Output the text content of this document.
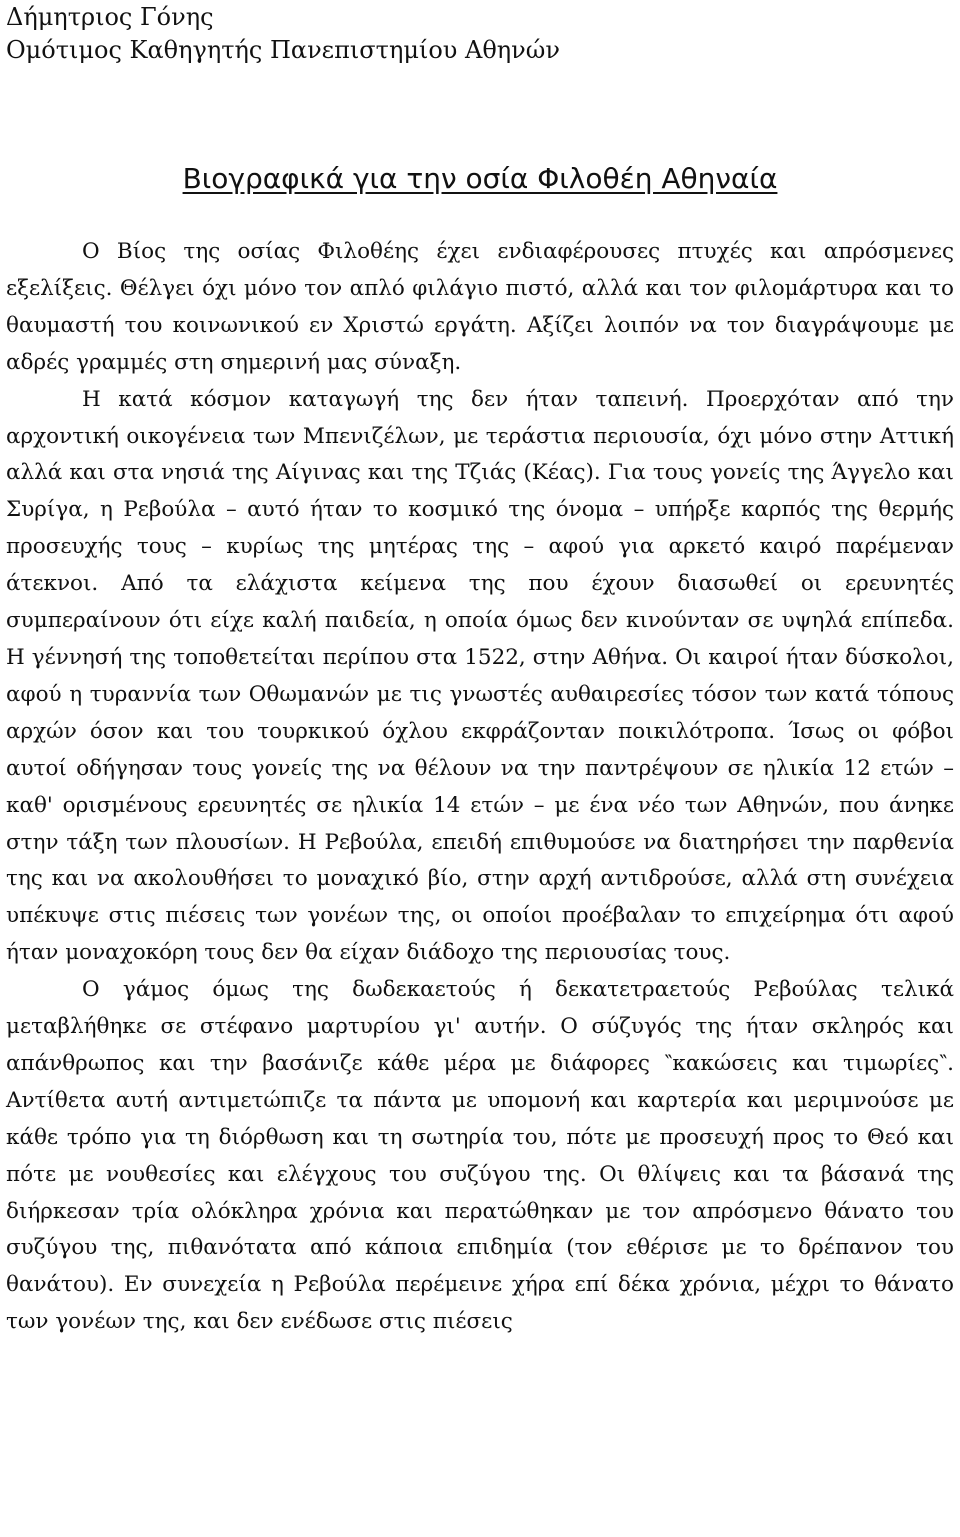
Δήμητριος Γόνης
Ομότιμος Καθηγητής Πανεπιστημίου Αθηνών
Βιογραφικά για την οσία Φιλοθέη Αθηναία

Ο Βίος της οσίας Φιλοθέης έχει ενδιαφέρουσες πτυχές και απρόσμενες εξελίξεις. Θέλγει όχι μόνο τον απλό φιλάγιο πιστό, αλλά και τον φιλομάρτυρα και το θαυμαστή του κοινωνικού εν Χριστώ εργάτη. Αξίζει λοιπόν να τον διαγράψουμε με αδρές γραμμές στη σημερινή μας σύναξη.

Η κατά κόσμον καταγωγή της δεν ήταν ταπεινή. Προερχόταν από την αρχοντική οικογένεια των Μπενιζέλων, με τεράστια περιουσία, όχι μόνο στην Αττική αλλά και στα νησιά της Αίγινας και της Τζιάς (Κέας). Για τους γονείς της Άγγελο και Συρίγα, η Ρεβούλα – αυτό ήταν το κοσμικό της όνομα – υπήρξε καρπός της θερμής προσευχής τους – κυρίως της μητέρας της – αφού για αρκετό καιρό παρέμεναν άτεκνοι. Από τα ελάχιστα κείμενα της που έχουν διασωθεί οι ερευνητές συμπεραίνουν ότι είχε καλή παιδεία, η οποία όμως δεν κινούνταν σε υψηλά επίπεδα. Η γέννησή της τοποθετείται περίπου στα 1522, στην Αθήνα. Οι καιροί ήταν δύσκολοι, αφού η τυραννία των Οθωμανών με τις γνωστές αυθαιρεσίες τόσον των κατά τόπους αρχών όσον και του τουρκικού όχλου εκφράζονταν ποικιλότροπα. Ίσως οι φόβοι αυτοί οδήγησαν τους γονείς της να θέλουν να την παντρέψουν σε ηλικία 12 ετών – καθ' ορισμένους ερευνητές σε ηλικία 14 ετών – με ένα νέο των Αθηνών, που άνηκε στην τάξη των πλουσίων. Η Ρεβούλα, επειδή επιθυμούσε να διατηρήσει την παρθενία της και να ακολουθήσει το μοναχικό βίο, στην αρχή αντιδρούσε, αλλά στη συνέχεια υπέκυψε στις πιέσεις των γονέων της, οι οποίοι προέβαλαν το επιχείρημα ότι αφού ήταν μοναχοκόρη τους δεν θα είχαν διάδοχο της περιουσίας τους.

Ο γάμος όμως της δωδεκαετούς ή δεκατετραετούς Ρεβούλας τελικά μεταβλήθηκε σε στέφανο μαρτυρίου γι' αυτήν. Ο σύζυγός της ήταν σκληρός και απάνθρωπος και την βασάνιζε κάθε μέρα με διάφορες ‶κακώσεις και τιμωρίες‶. Αντίθετα αυτή αντιμετώπιζε τα πάντα με υπομονή και καρτερία και μεριμνούσε με κάθε τρόπο για τη διόρθωση και τη σωτηρία του, πότε με προσευχή προς το Θεό και πότε με νουθεσίες και ελέγχους του συζύγου της. Οι θλίψεις και τα βάσανά της διήρκεσαν τρία ολόκληρα χρόνια και περατώθηκαν με τον απρόσμενο θάνατο του συζύγου της, πιθανότατα από κάποια επιδημία (τον εθέρισε με το δρέπανον του θανάτου). Εν συνεχεία η Ρεβούλα περέμεινε χήρα επί δέκα χρόνια, μέχρι το θάνατο των γονέων της, και δεν ενέδωσε στις πιέσεις
